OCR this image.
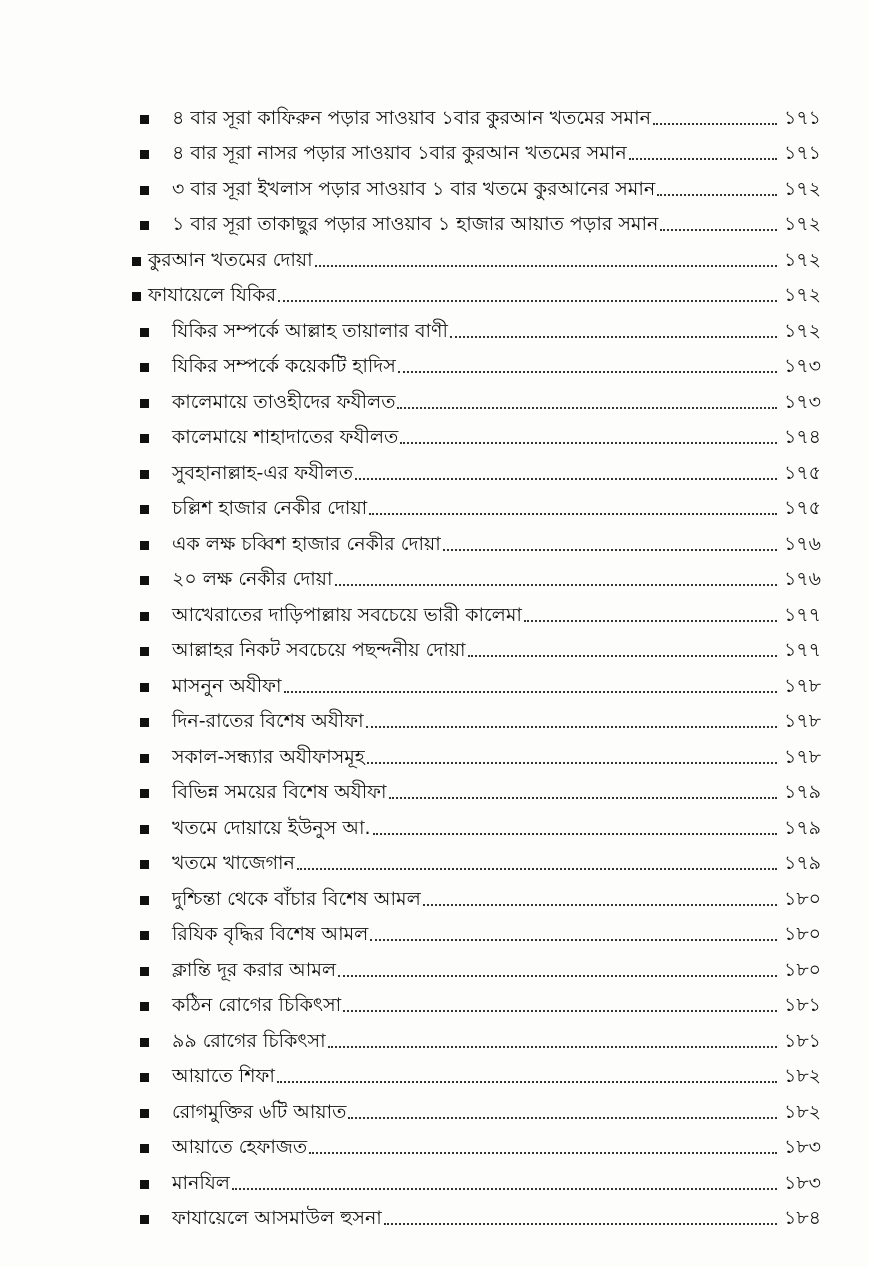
৪ বার সূরা কাফিরুন পড়ার সাওয়াব ১বার কুরআন খতমের সমান	১৭১
৪ বার সূরা নাসর পড়ার সাওয়াব ১বার কুরআন খতমের সমান	১৭১
৩ বার সূরা ইখলাস পড়ার সাওয়াব ১ বার খতমে কুরআনের সমান	১৭২
১ বার সূরা তাকাছুর পড়ার সাওয়াব ১ হাজার আয়াত পড়ার সমান	১৭২
কুরআন খতমের দোয়া	১৭২
ফাযায়েলে যিকির	১৭২
যিকির সম্পর্কে আল্লাহ তায়ালার বাণী	১৭২
যিকির সম্পর্কে কয়েকটি হাদিস	১৭৩
কালেমায়ে তাওহীদের ফযীলত	১৭৩
কালেমায়ে শাহাদাতের ফযীলত	১৭৪
সুবহানাল্লাহ-এর ফযীলত	১৭৫
চল্লিশ হাজার নেকীর দোয়া	১৭৫
এক লক্ষ চব্বিশ হাজার নেকীর দোয়া	১৭৬
২০ লক্ষ নেকীর দোয়া	১৭৬
আখেরাতের দাড়িপাল্লায় সবচেয়ে ভারী কালেমা	১৭৭
আল্লাহর নিকট সবচেয়ে পছন্দনীয় দোয়া	১৭৭
মাসনুন অযীফা	১৭৮
দিন-রাতের বিশেষ অযীফা	১৭৮
সকাল-সন্ধ্যার অযীফাসমূহ	১৭৮
বিভিন্ন সময়ের বিশেষ অযীফা	১৭৯
খতমে দোয়ায়ে ইউনুস আ.	১৭৯
খতমে খাজেগান	১৭৯
দুশ্চিন্তা থেকে বাঁচার বিশেষ আমল	১৮০
রিযিক বৃদ্ধির বিশেষ আমল	১৮০
ক্লান্তি দূর করার আমল	১৮০
কঠিন রোগের চিকিৎসা	১৮১
৯৯ রোগের চিকিৎসা	১৮১
আয়াতে শিফা	১৮২
রোগমুক্তির ৬টি আয়াত	১৮২
আয়াতে হেফাজত	১৮৩
মানযিল	১৮৩
ফাযায়েলে আসমাউল হুসনা	১৮৪
